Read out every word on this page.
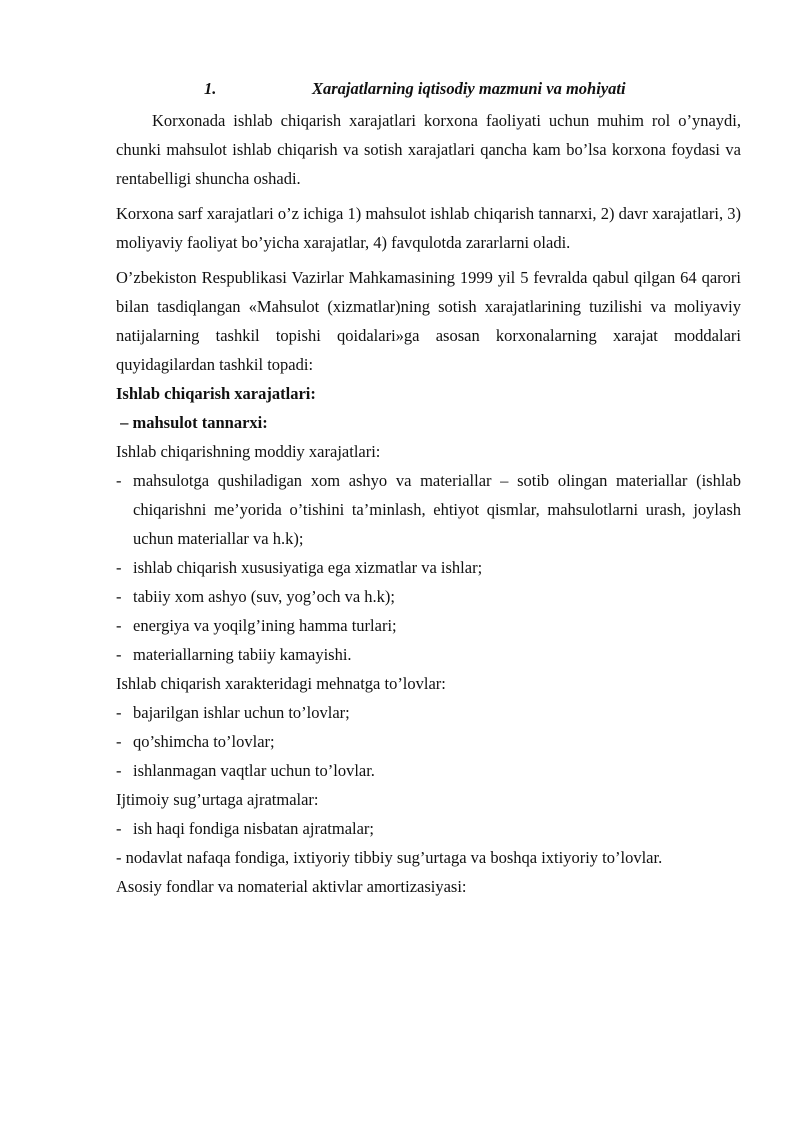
1.	Xarajatlarning iqtisodiy mazmuni va mohiyati

Korxonada ishlab chiqarish xarajatlari korxona faoliyati uchun muhim rol o’ynaydi, chunki mahsulot ishlab chiqarish va sotish xarajatlari qancha kam bo’lsa korxona foydasi va rentabelligi shuncha oshadi.

Korxona sarf xarajatlari o’z ichiga 1) mahsulot ishlab chiqarish tannarxi, 2) davr xarajatlari, 3) moliyaviy faoliyat bo’yicha xarajatlar, 4) favqulotda zararlarni oladi.

O’zbekiston Respublikasi Vazirlar Mahkamasining 1999 yil 5 fevralda qabul qilgan 64 qarori bilan tasdiqlangan «Mahsulot (xizmatlar)ning sotish xarajatlarining tuzilishi va moliyaviy natijalarning tashkil topishi qoidalari»ga asosan korxonalarning xarajat moddalari quyidagilardan tashkil topadi:

Ishlab chiqarish xarajatlari:
– mahsulot tannarxi:
Ishlab chiqarishning moddiy xarajatlari:
- mahsulotga qushiladigan xom ashyo va materiallar – sotib olingan materiallar (ishlab chiqarishni me’yorida o’tishini ta’minlash, ehtiyot qismlar, mahsulotlarni urash, joylash uchun materiallar va h.k);
- ishlab chiqarish xususiyatiga ega xizmatlar va ishlar;
- tabiiy xom ashyo (suv, yog’och va h.k);
- energiya va yoqilg’ining hamma turlari;
- materiallarning tabiiy kamayishi.
Ishlab chiqarish xarakteridagi mehnatga to’lovlar:
- bajarilgan ishlar uchun to’lovlar;
- qo’shimcha to’lovlar;
- ishlanmagan vaqtlar uchun to’lovlar.
Ijtimoiy sug’urtaga ajratmalar:
- ish haqi fondiga nisbatan ajratmalar;
- nodavlat nafaqa fondiga, ixtiyoriy tibbiy sug’urtaga va boshqa ixtiyoriy to’lovlar.
Asosiy fondlar va nomaterial aktivlar amortizasiyasi:
